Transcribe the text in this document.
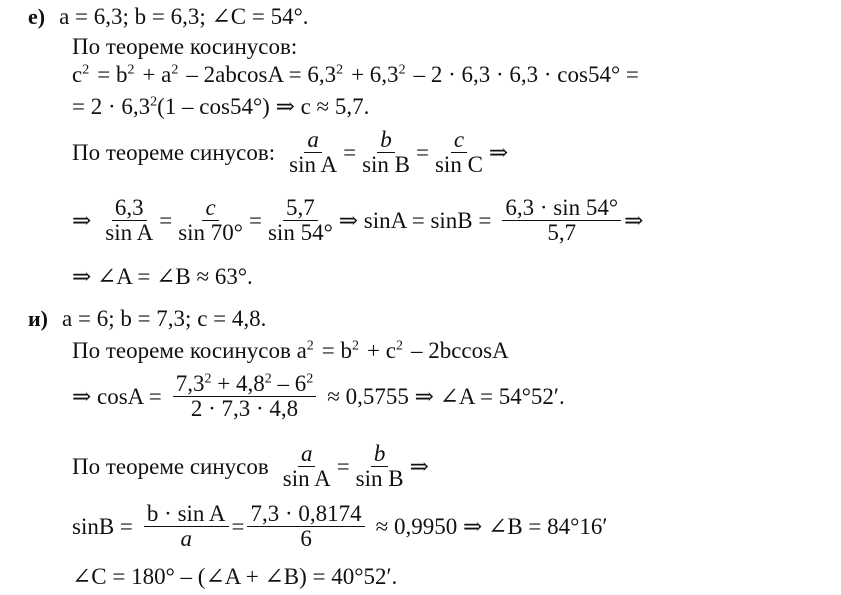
е) a = 6,3; b = 6,3; ∠C = 54°.
По теореме косинусов:
$c^2 = b^2 + a^2 - 2abcosA = 6,3^2 + 6,3^2 - 2 \cdot 6,3 \cdot 6,3 \cdot \cos 54^\circ$ =
= $2 \cdot 6,3^2$ (1 – cos54°) ⇒ c ≈ 5,7.
По теореме синусов: $\frac{a}{\text{sin A}} = \frac{b}{\text{sin B}} = \frac{c}{\text{sin C}}$ ⇒
⇒ $\frac{6,3}{\text{sin A}} = \frac{c}{\sin 70^\circ} = \frac{5,7}{\sin 54^\circ}$ ⇒ $\sin A = \sin B = \frac{6,3 \cdot \sin 54^\circ}{5,7}$ ⇒
⇒ ∠A = ∠B ≈ 63°.
и) a = 6; b = 7,3; c = 4,8.
По теореме косинусов $a^2 = b^2 + c^2 - 2bccosA$
⇒ $\cos A = \frac{7,3^2 + 4,8^2 - 6^2}{2 \cdot 7,3 \cdot 4,8} \approx 0,5755$ ⇒ ∠A = 54°52′.
По теореме синусов $\frac{a}{\text{sin A}} = \frac{b}{\text{sin B}}$ ⇒
$\sin B = \frac{\text{b · sin A}}{a} = \frac{7,3 \cdot 0,8174}{6} \approx 0,9950$ ⇒ ∠B = 84°16′
∠C = 180° – (∠A + ∠B) = 40°52′.
